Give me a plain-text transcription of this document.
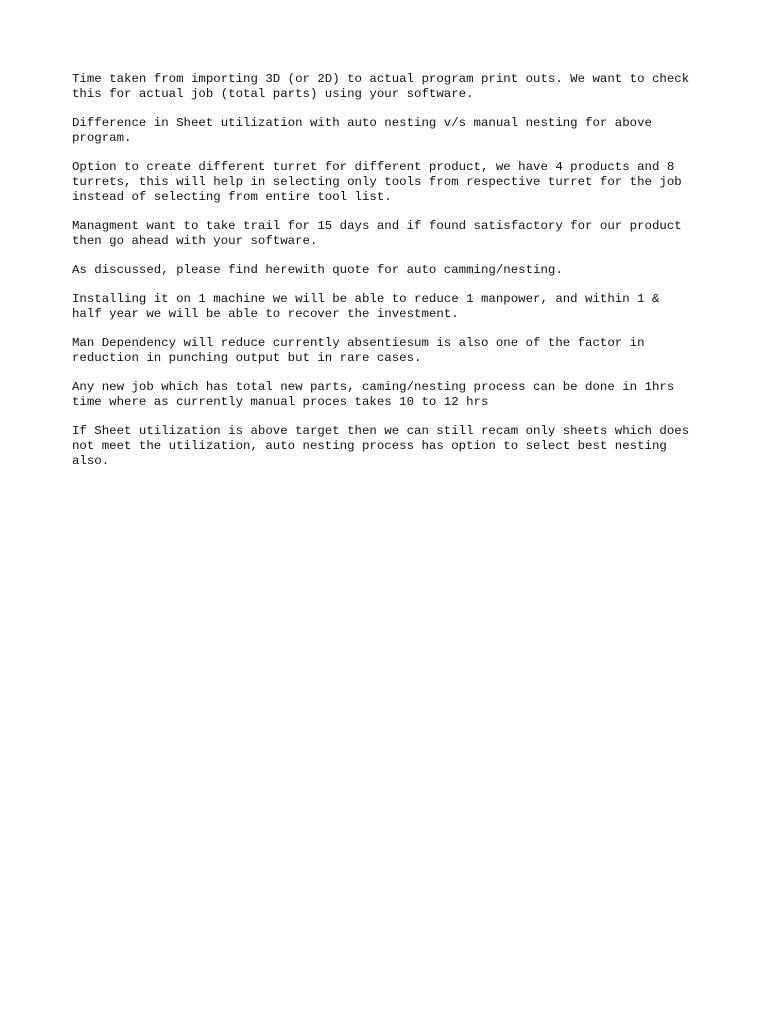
Time taken from importing 3D (or 2D) to actual program print outs. We want to check
this for actual job (total parts) using your software.

Difference in Sheet utilization with auto nesting v/s manual nesting for above
program.

Option to create different turret for different product, we have 4 products and 8
turrets, this will help in selecting only tools from respective turret for the job
instead of selecting from entire tool list.

Managment want to take trail for 15 days and if found satisfactory for our product
then go ahead with your software.

As discussed, please find herewith quote for auto camming/nesting.

Installing it on 1 machine we will be able to reduce 1 manpower, and within 1 &
half year we will be able to recover the investment.

Man Dependency will reduce currently absentiesum is also one of the factor in
reduction in punching output but in rare cases.

Any new job which has total new parts, caming/nesting process can be done in 1hrs
time where as currently manual proces takes 10 to 12 hrs

If Sheet utilization is above target then we can still recam only sheets which does
not meet the utilization, auto nesting process has option to select best nesting
also.
